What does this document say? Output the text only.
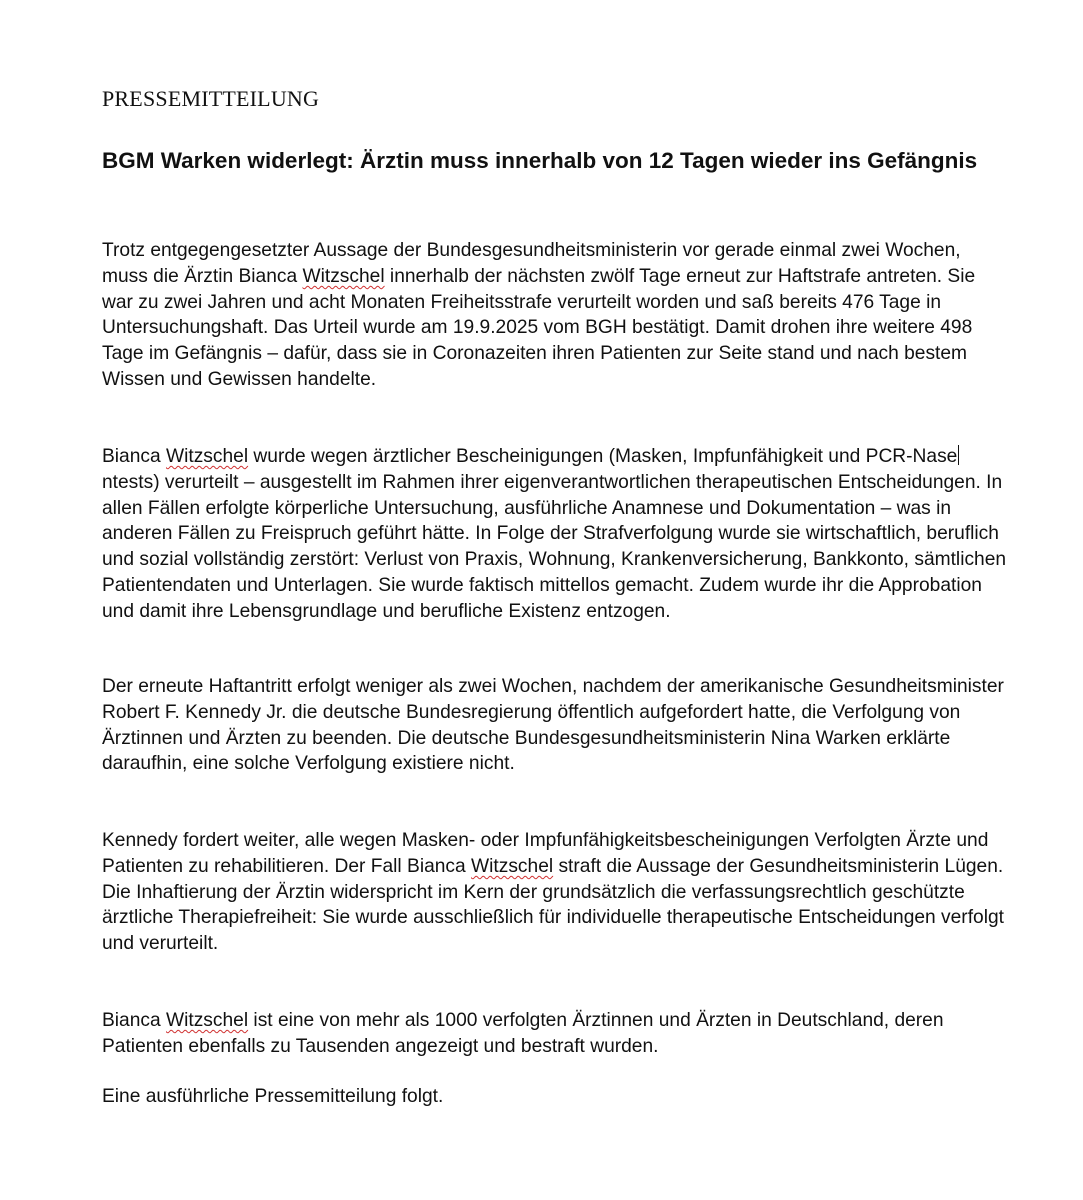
PRESSEMITTEILUNG
BGM Warken widerlegt: Ärztin muss innerhalb von 12 Tagen wieder ins Gefängnis

Trotz entgegengesetzter Aussage der Bundesgesundheitsministerin vor gerade einmal zwei Wochen, muss die Ärztin Bianca Witzschel innerhalb der nächsten zwölf Tage erneut zur Haftstrafe antreten. Sie war zu zwei Jahren und acht Monaten Freiheitsstrafe verurteilt worden und saß bereits 476 Tage in Untersuchungshaft. Das Urteil wurde am 19.9.2025 vom BGH bestätigt. Damit drohen ihre weitere 498 Tage im Gefängnis – dafür, dass sie in Coronazeiten ihren Patienten zur Seite stand und nach bestem Wissen und Gewissen handelte.

Bianca Witzschel wurde wegen ärztlicher Bescheinigungen (Masken, Impfunfähigkeit und PCR-Nasentests) verurteilt – ausgestellt im Rahmen ihrer eigenverantwortlichen therapeutischen Entscheidungen. In allen Fällen erfolgte körperliche Untersuchung, ausführliche Anamnese und Dokumentation – was in anderen Fällen zu Freispruch geführt hätte. In Folge der Strafverfolgung wurde sie wirtschaftlich, beruflich und sozial vollständig zerstört: Verlust von Praxis, Wohnung, Krankenversicherung, Bankkonto, sämtlichen Patientendaten und Unterlagen. Sie wurde faktisch mittellos gemacht. Zudem wurde ihr die Approbation und damit ihre Lebensgrundlage und berufliche Existenz entzogen.

Der erneute Haftantritt erfolgt weniger als zwei Wochen, nachdem der amerikanische Gesundheitsminister Robert F. Kennedy Jr. die deutsche Bundesregierung öffentlich aufgefordert hatte, die Verfolgung von Ärztinnen und Ärzten zu beenden. Die deutsche Bundesgesundheitsministerin Nina Warken erklärte daraufhin, eine solche Verfolgung existiere nicht.

Kennedy fordert weiter, alle wegen Masken- oder Impfunfähigkeitsbescheinigungen Verfolgten Ärzte und Patienten zu rehabilitieren. Der Fall Bianca Witzschel straft die Aussage der Gesundheitsministerin Lügen. Die Inhaftierung der Ärztin widerspricht im Kern der grundsätzlich die verfassungsrechtlich geschützte ärztliche Therapiefreiheit: Sie wurde ausschließlich für individuelle therapeutische Entscheidungen verfolgt und verurteilt.

Bianca Witzschel ist eine von mehr als 1000 verfolgten Ärztinnen und Ärzten in Deutschland, deren Patienten ebenfalls zu Tausenden angezeigt und bestraft wurden.

Eine ausführliche Pressemitteilung folgt.
